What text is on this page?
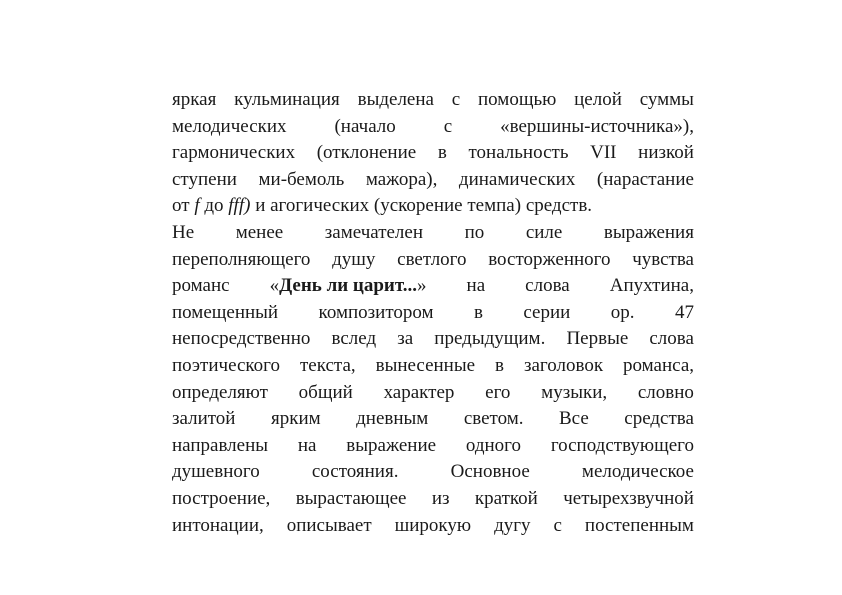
яркая кульминация выделена с помощью целой суммы
мелодических	(начало	с	«вершины-источника»),
гармонических (отклонение в тональность VII низкой
ступени ми-бемоль мажора), динамических (нарастание
от f до fff) и агогических (ускорение темпа) средств.
Не менее замечателен по силе выражения
переполняющего душу светлого восторженного чувства
романс «День ли царит...» на слова Апухтина,
помещенный композитором в серии ор. 47
непосредственно вслед за предыдущим. Первые слова
поэтического текста, вынесенные в заголовок романса,
определяют общий характер его музыки, словно
залитой ярким дневным светом. Все средства
направлены на выражение одного господствующего
душевного	состояния.	Основное	мелодическое
построение, вырастающее из краткой четырехзвучной
интонации, описывает широкую дугу с постепенным
